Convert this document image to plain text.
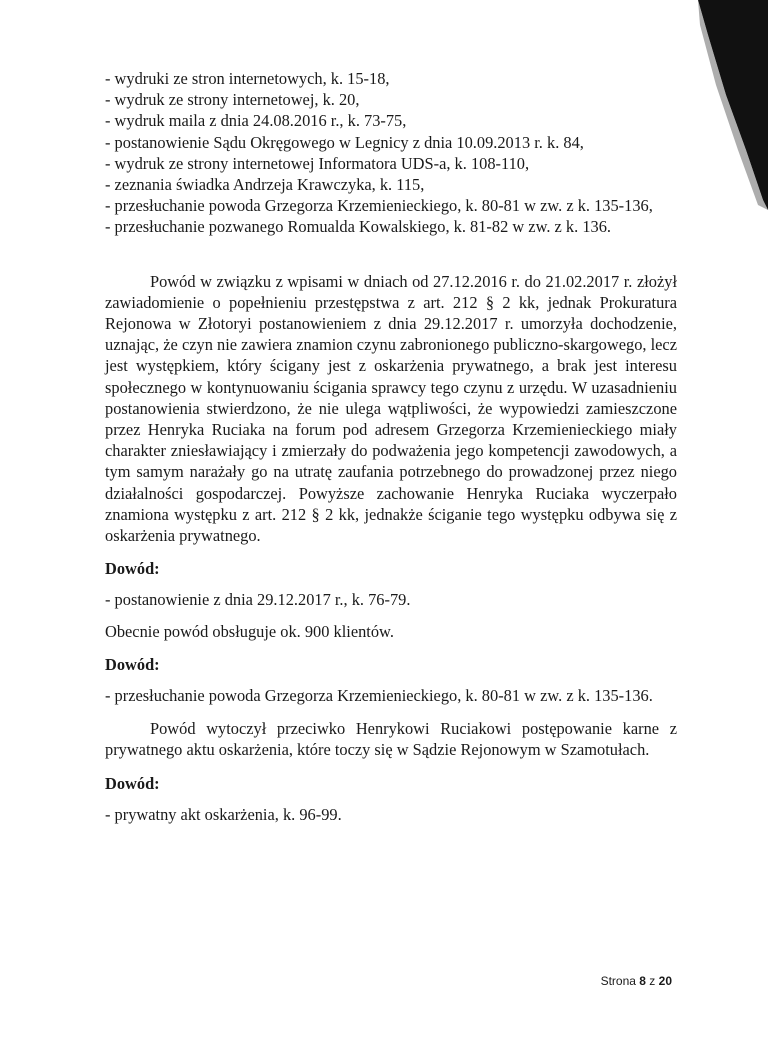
- wydruki ze stron internetowych, k. 15-18,
- wydruk ze strony internetowej, k. 20,
- wydruk maila z dnia 24.08.2016 r., k. 73-75,
- postanowienie Sądu Okręgowego w Legnicy z dnia 10.09.2013 r. k. 84,
- wydruk ze strony internetowej Informatora UDS-a, k. 108-110,
- zeznania świadka Andrzeja Krawczyka, k. 115,
- przesłuchanie powoda Grzegorza Krzemienieckiego, k. 80-81 w zw. z k. 135-136,
- przesłuchanie pozwanego Romualda Kowalskiego, k. 81-82 w zw. z k. 136.

Powód w związku z wpisami w dniach od 27.12.2016 r. do 21.02.2017 r. złożył zawiadomienie o popełnieniu przestępstwa z art. 212 § 2 kk, jednak Prokuratura Rejonowa w Złotoryi postanowieniem z dnia 29.12.2017 r. umorzyła dochodzenie, uznając, że czyn nie zawiera znamion czynu zabronionego publiczno-skargowego, lecz jest występkiem, który ścigany jest z oskarżenia prywatnego, a brak jest interesu społecznego w kontynuowaniu ścigania sprawcy tego czynu z urzędu. W uzasadnieniu postanowienia stwierdzono, że nie ulega wątpliwości, że wypowiedzi zamieszczone przez Henryka Ruciaka na forum pod adresem Grzegorza Krzemienieckiego miały charakter zniesławiający i zmierzały do podważenia jego kompetencji zawodowych, a tym samym narażały go na utratę zaufania potrzebnego do prowadzonej przez niego działalności gospodarczej. Powyższe zachowanie Henryka Ruciaka wyczerpało znamiona występku z art. 212 § 2 kk, jednakże ściganie tego występku odbywa się z oskarżenia prywatnego.

Dowód:

- postanowienie z dnia 29.12.2017 r., k. 76-79.

Obecnie powód obsługuje ok. 900 klientów.

Dowód:

- przesłuchanie powoda Grzegorza Krzemienieckiego, k. 80-81 w zw. z k. 135-136.

Powód wytoczył przeciwko Henrykowi Ruciakowi postępowanie karne z prywatnego aktu oskarżenia, które toczy się w Sądzie Rejonowym w Szamotułach.

Dowód:

- prywatny akt oskarżenia, k. 96-99.

Strona 8 z 20
